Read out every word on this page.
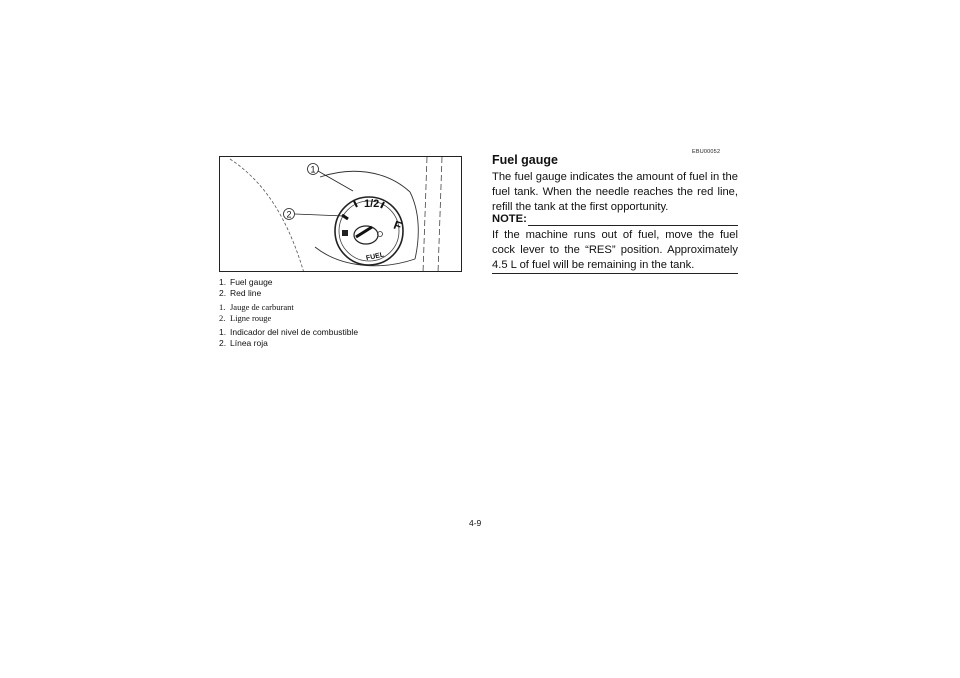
1/2
F
FUEL
1
2
1. Fuel gauge
2. Red line
1. Jauge de carburant
2. Ligne rouge
1. Indicador del nivel de combustible
2. Línea roja
EBU00052
Fuel gauge

The fuel gauge indicates the amount of fuel in the fuel tank. When the needle reaches the red line, refill the tank at the first opportunity.

NOTE:

If the machine runs out of fuel, move the fuel cock lever to the “RES” position. Approximately 4.5 L of fuel will be remaining in the tank.

4-9
